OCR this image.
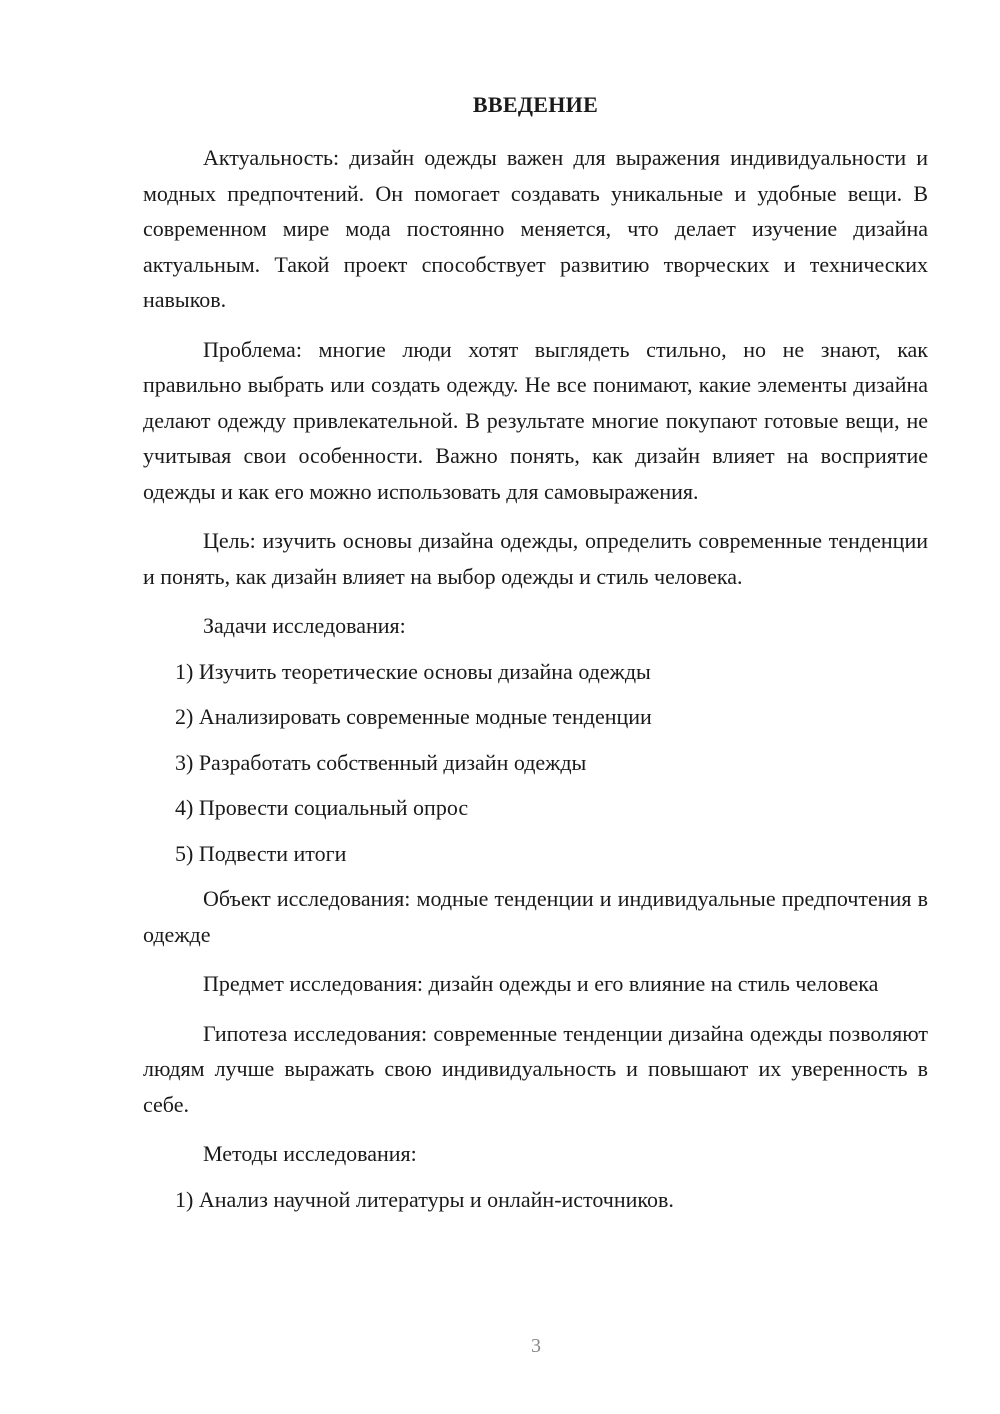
ВВЕДЕНИЕ

Актуальность: дизайн одежды важен для выражения индивидуальности и модных предпочтений. Он помогает создавать уникальные и удобные вещи. В современном мире мода постоянно меняется, что делает изучение дизайна актуальным. Такой проект способствует развитию творческих и технических навыков.

Проблема: многие люди хотят выглядеть стильно, но не знают, как правильно выбрать или создать одежду. Не все понимают, какие элементы дизайна делают одежду привлекательной. В результате многие покупают готовые вещи, не учитывая свои особенности. Важно понять, как дизайн влияет на восприятие одежды и как его можно использовать для самовыражения.

Цель: изучить основы дизайна одежды, определить современные тенденции и понять, как дизайн влияет на выбор одежды и стиль человека.

Задачи исследования:

1) Изучить теоретические основы дизайна одежды
2) Анализировать современные модные тенденции
3) Разработать собственный дизайн одежды
4) Провести социальный опрос
5) Подвести итоги

Объект исследования: модные тенденции и индивидуальные предпочтения в одежде

Предмет исследования: дизайн одежды и его влияние на стиль человека

Гипотеза исследования: современные тенденции дизайна одежды позволяют людям лучше выражать свою индивидуальность и повышают их уверенность в себе.

Методы исследования:

1) Анализ научной литературы и онлайн-источников.
3
